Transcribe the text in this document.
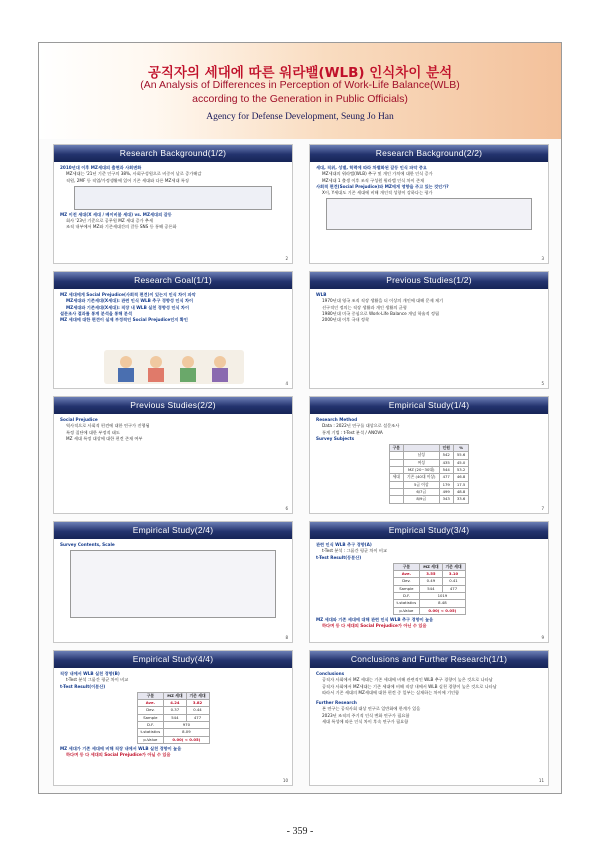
공직자의 세대에 따른 워라밸(WLB) 인식차이 분석
(An Analysis of Differences in Perception of Work-Life Balance(WLB)
according to the Generation in Public Officials)
Agency for Defense Development, Seung Jo Han
Research Background(1/2)
2010년대 이후 MZ세대의 출현과 사회변화
MZ세대는 '21년 기준 인구의 38%, 사회구성원으로 비중이 날로 증가해감
직원, 2MF 등 직업/가정생활에 있어 기존 세대와 다른 MZ세대 특징
MZ 이전 세대(X 세대 / 베이비붐 세대) vs. MZ세대의 갈등
회사 '23년 기준으로 공무원 MZ 세대 증가 추세
조직 내부에서 MZ와 기존세대간의 갈등 SNS 등 통해 공론화
2
Research Background(2/2)
세대, 직위, 성별, 학력에 따라 차별화된 갈등 인식 파악 중요
MZ세대의 워라밸(WLB) 추구 및 개인 가치에 대한 인식 증가
MZ세대 1 출생 이후 조직 구성원 워라밸 인식 차이 존재
사회적 편견(Social Prejudice)와 MZ에게 영향을 주고 있는 것인가?
X이, Y세대도 기존 세대에 비해 개인적 성향이 강하다는 평가
3
Research Goal(1/1)
MZ 세대에게 Social Prejudice(사회적 편견)이 있는지 인식 차이 파악
MZ세대와 기존세대(X세대): 관련 인식 WLB 추구 경향성 인식 차이
MZ세대와 기존세대(X세대): 직장 내 WLB 실천 경향성 인식 차이
설문조사 결과를 통계 분석을 통해 분석
MZ 세대에 대한 편견이 실제 부정적인 Social Prejudice인지 확인
4
Previous Studies(1/2)
WLB
1970년대 영국 조직 직장 생활을 더 이상의 개인에 대해 문제 제기
선구적인 정의는 직장 생활과 개인 생활의 균형
1980년대 미국 중심으로 Work-Life Balance 개념 학술적 정립
2000년대 이후 국내 정착
5
Previous Studies(2/2)
Social Prejudice
역사적으로 사회적 편견에 대한 연구가 진행됨
특정 집단에 대한 부정적 태도
MZ 세대 특정 대상에 대한 편견 존재 여부
6
Empirical Study(1/4)
Research Method
Data : 2022년 연구를 대상으로 설문조사
통계 기법 : t-Test 분석 / ANOVA
Survey Subjects
구분		인원	%
	남성	542	55.6
	여성	435	45.0
	MZ (20~30대)	544	53.2
세대	기존 (40대 이상)	477	46.8
	5급 이상	179	17.5
	6/7급	499	48.8
	8/9급	343	33.6
7
Empirical Study(2/4)
Survey Contents, Scale
8
Empirical Study(3/4)
관련 인식 WLB 추구 경향(A)
t-Test 분석 : 그룹간 평균 차이 비교
t-Test Result(등분산)
구분	MZ 세대	기존 세대
Ave.	3.55	3.10
Dev.	0.49	0.41
Sample	544	477
D.F.	1019	
t-statistics	8.48	
p-Value	0.00( < 0.05)	
MZ 세대와 기존 세대에 대해 관련 인식 WLB 추구 경향이 높음
하다며 등 다 세대의 Social Prejudice가 아닌 수 있음
9
Empirical Study(4/4)
직장 내에서 WLB 실천 경향(B)
t-Test 분석 그룹간 평균 차이 비교
t-Test Result(이분산)
구분	MZ 세대	기존 세대
Ave.	4.24	3.82
Dev.	0.37	0.44
Sample	544	477
D.F.	970	
t-statistics	8.09	
p-Value	0.00( < 0.05)	
MZ 세대가 기존 세대에 비해 직장 내에서 WLB 실천 경향이 높음
하다며 등 다 세대의 Social Prejudice가 아닐 수 있음
10
Conclusions and Further Research(1/1)
Conclusions
공직자 사회에서 MZ 세대는 기존 세대에 비해 관련적인 WLB 추구 경향이 높은 것으로 나타남
공직자 사회에서 MZ세대는 기존 세대에 비해 직장 내에서 WLB 실천 경향이 높은 것으로 나타남
따라서 기존 세대의 MZ세대에 대한 편견 중 일부는 실재하는 차이에 기인함
Further Research
본 연구는 공직사회 대상 연구로 일반화에 한계가 있음
2023년 조직의 주기적 인식 변화 연구가 필요함
세대 특성에 따른 인식 차이 후속 연구가 필요함
11
- 359 -
